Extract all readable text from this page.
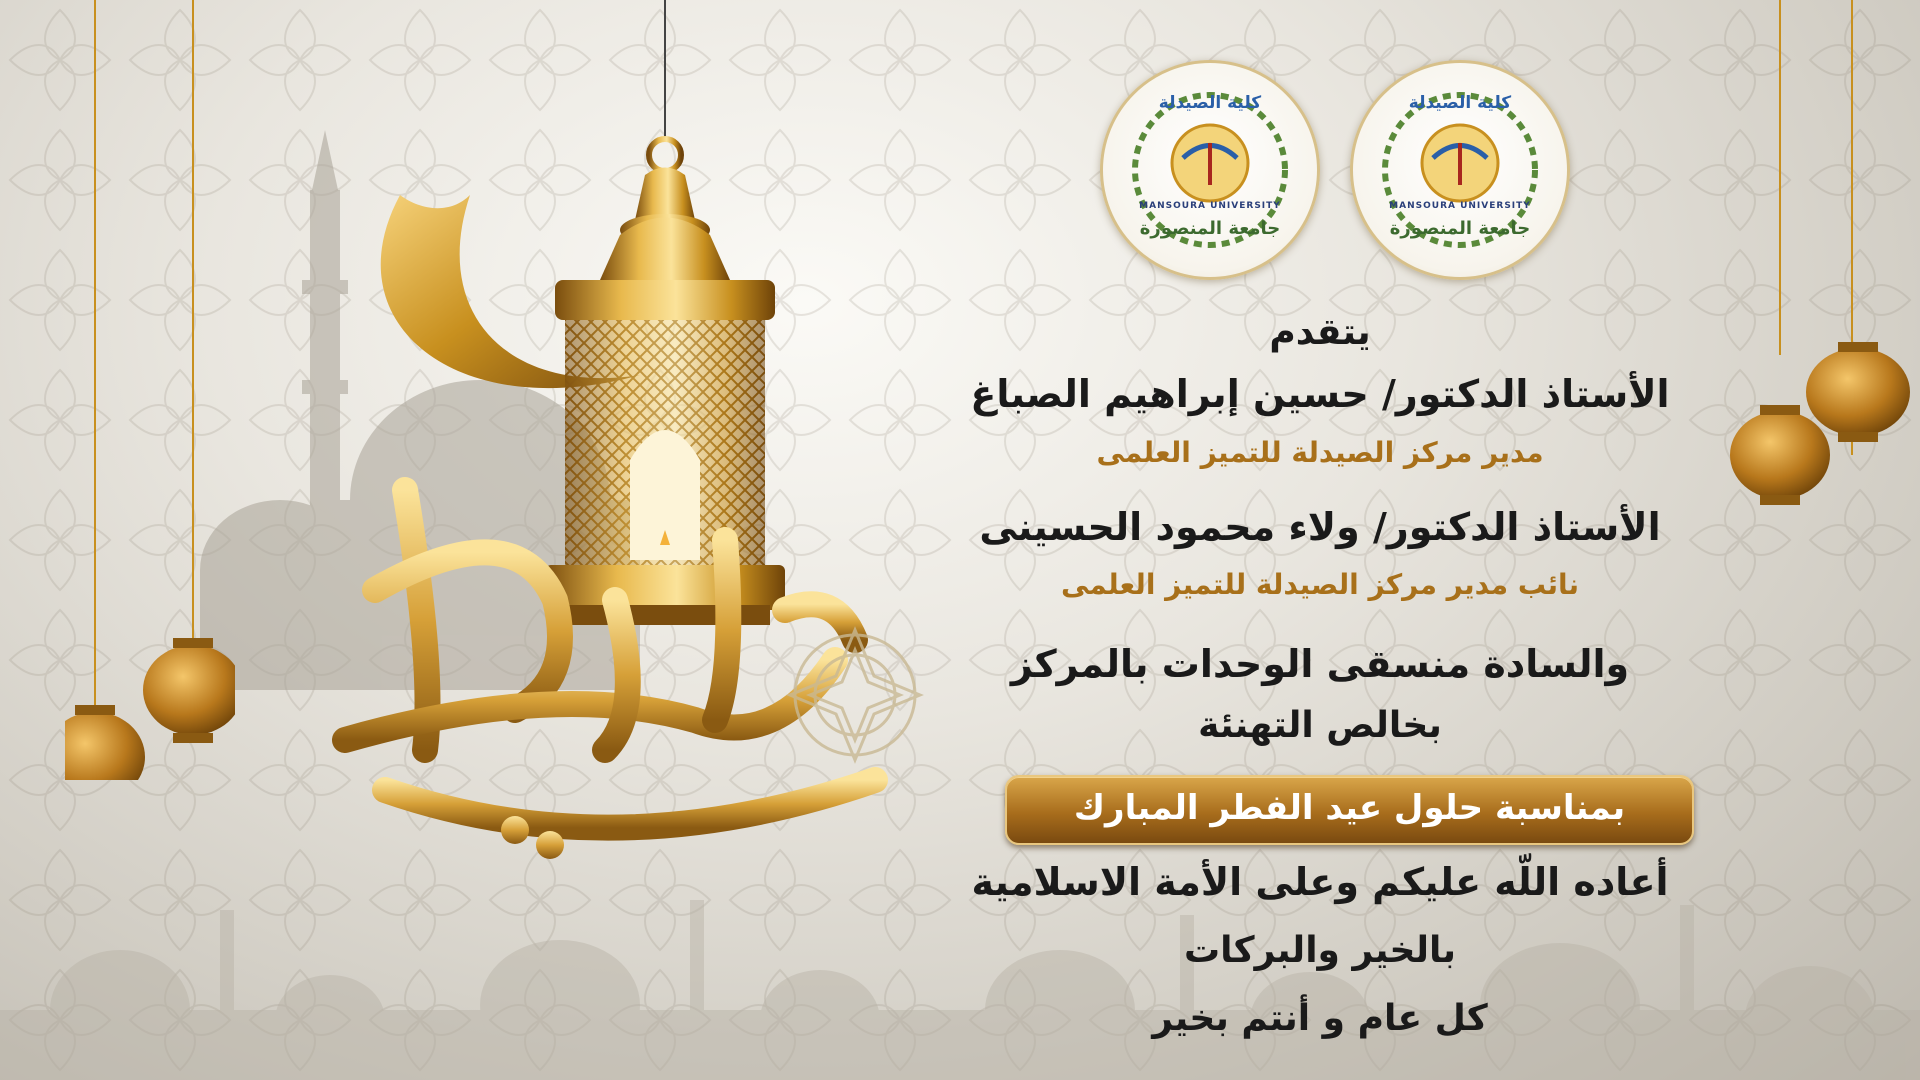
كلية الصيدلة
MANSOURA UNIVERSITY
جامعة المنصورة
كلية الصيدلة
MANSOURA UNIVERSITY
جامعة المنصورة
يتقدم
الأستاذ الدكتور/ حسين إبراهيم الصباغ
مدير مركز الصيدلة للتميز العلمى
الأستاذ الدكتور/ ولاء محمود الحسينى
نائب مدير مركز الصيدلة للتميز العلمى
والسادة منسقى الوحدات بالمركز
بخالص التهنئة
بمناسبة حلول عيد الفطر المبارك
أعاده اللّه عليكم وعلى الأمة الاسلامية
بالخير والبركات
كل عام و أنتم بخير
